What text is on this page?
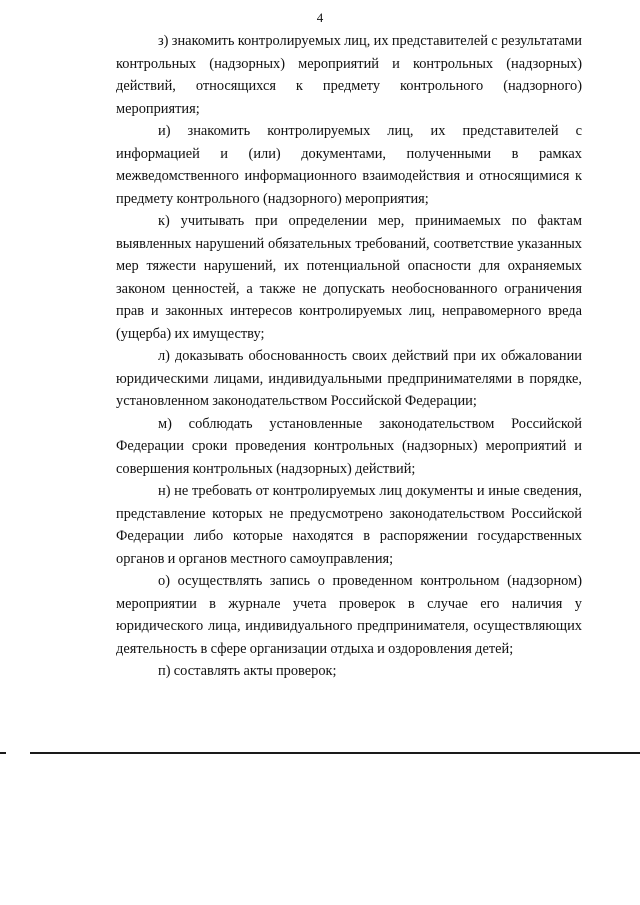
4

з) знакомить контролируемых лиц, их представителей с результатами контрольных (надзорных) мероприятий и контрольных (надзорных) действий, относящихся к предмету контрольного (надзорного) мероприятия;

и) знакомить контролируемых лиц, их представителей с информацией и (или) документами, полученными в рамках межведомственного информационного взаимодействия и относящимися к предмету контрольного (надзорного) мероприятия;

к) учитывать при определении мер, принимаемых по фактам выявленных нарушений обязательных требований, соответствие указанных мер тяжести нарушений, их потенциальной опасности для охраняемых законом ценностей, а также не допускать необоснованного ограничения прав и законных интересов контролируемых лиц, неправомерного вреда (ущерба) их имуществу;

л) доказывать обоснованность своих действий при их обжаловании юридическими лицами, индивидуальными предпринимателями в порядке, установленном законодательством Российской Федерации;

м) соблюдать установленные законодательством Российской Федерации сроки проведения контрольных (надзорных) мероприятий и совершения контрольных (надзорных) действий;

н) не требовать от контролируемых лиц документы и иные сведения, представление которых не предусмотрено законодательством Российской Федерации либо которые находятся в распоряжении государственных органов и органов местного самоуправления;

о) осуществлять запись о проведенном контрольном (надзорном) мероприятии в журнале учета проверок в случае его наличия у юридического лица, индивидуального предпринимателя, осуществляющих деятельность в сфере организации отдыха и оздоровления детей;

п) составлять акты проверок;
